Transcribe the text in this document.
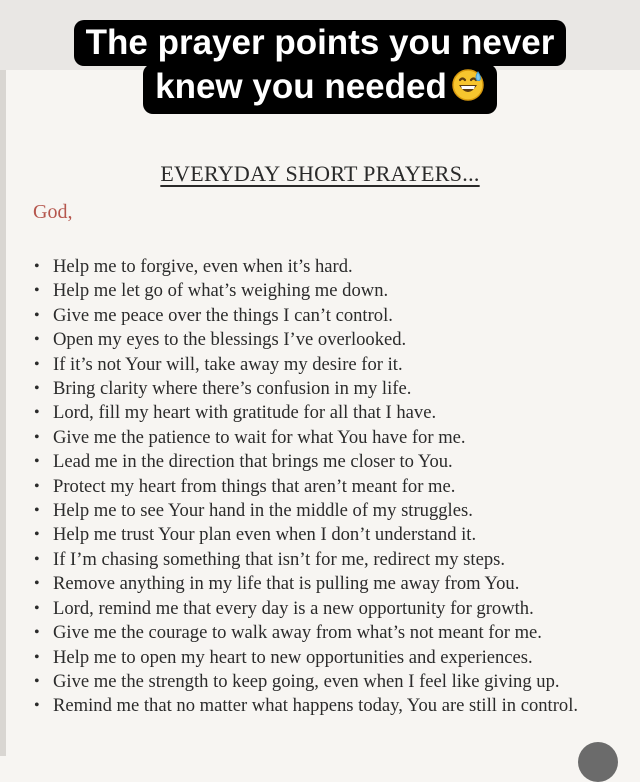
The prayer points you never
knew you needed
EVERYDAY SHORT PRAYERS...
God,
• Help me to forgive, even when it’s hard.
• Help me let go of what’s weighing me down.
• Give me peace over the things I can’t control.
• Open my eyes to the blessings I’ve overlooked.
• If it’s not Your will, take away my desire for it.
• Bring clarity where there’s confusion in my life.
• Lord, fill my heart with gratitude for all that I have.
• Give me the patience to wait for what You have for me.
• Lead me in the direction that brings me closer to You.
• Protect my heart from things that aren’t meant for me.
• Help me to see Your hand in the middle of my struggles.
• Help me trust Your plan even when I don’t understand it.
• If I’m chasing something that isn’t for me, redirect my steps.
• Remove anything in my life that is pulling me away from You.
• Lord, remind me that every day is a new opportunity for growth.
• Give me the courage to walk away from what’s not meant for me.
• Help me to open my heart to new opportunities and experiences.
• Give me the strength to keep going, even when I feel like giving up.
• Remind me that no matter what happens today, You are still in control.
